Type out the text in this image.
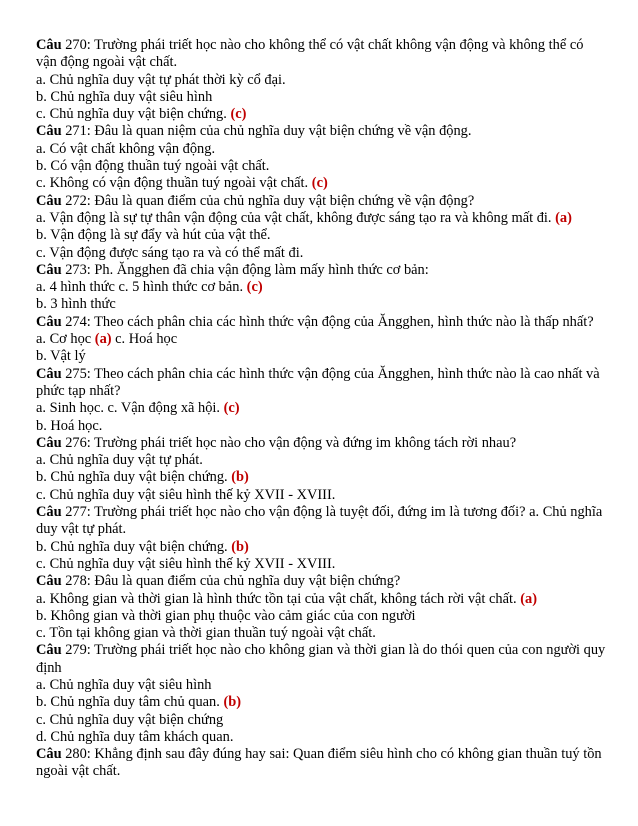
Câu 270: Trường phái triết học nào cho không thể có vật chất không vận động và không thể có vận động ngoài vật chất.

a. Chủ nghĩa duy vật tự phát thời kỳ cổ đại.

b. Chủ nghĩa duy vật siêu hình

c. Chủ nghĩa duy vật biện chứng. (c)

Câu 271: Đâu là quan niệm của chủ nghĩa duy vật biện chứng về vận động.

a. Có vật chất không vận động.

b. Có vận động thuần tuý ngoài vật chất.

c. Không có vận động thuần tuý ngoài vật chất. (c)

Câu 272: Đâu là quan điểm của chủ nghĩa duy vật biện chứng về vận động?

a. Vận động là sự tự thân vận động của vật chất, không được sáng tạo ra và không mất đi. (a)

b. Vận động là sự đẩy và hút của vật thể.

c. Vận động được sáng tạo ra và có thể mất đi.

Câu 273: Ph. Ăngghen đã chia vận động làm mấy hình thức cơ bản:

a. 4 hình thức c. 5 hình thức cơ bản. (c)

b. 3 hình thức

Câu 274: Theo cách phân chia các hình thức vận động của Ăngghen, hình thức nào là thấp nhất?

a. Cơ học (a) c. Hoá học

b. Vật lý

Câu 275: Theo cách phân chia các hình thức vận động của Ăngghen, hình thức nào là cao nhất và phức tạp nhất?

a. Sinh học. c. Vận động xã hội. (c)

b. Hoá học.

Câu 276: Trường phái triết học nào cho vận động và đứng im không tách rời nhau?

a. Chủ nghĩa duy vật tự phát.

b. Chủ nghĩa duy vật biện chứng. (b)

c. Chủ nghĩa duy vật siêu hình thế kỷ XVII - XVIII.

Câu 277: Trường phái triết học nào cho vận động là tuyệt đối, đứng im là tương đối? a. Chủ nghĩa duy vật tự phát.

b. Chủ nghĩa duy vật biện chứng. (b)

c. Chủ nghĩa duy vật siêu hình thế kỷ XVII - XVIII.

Câu 278: Đâu là quan điểm của chủ nghĩa duy vật biện chứng?

a. Không gian và thời gian là hình thức tồn tại của vật chất, không tách rời vật chất. (a)

b. Không gian và thời gian phụ thuộc vào cảm giác của con người

c. Tồn tại không gian và thời gian thuần tuý ngoài vật chất.

Câu 279: Trường phái triết học nào cho không gian và thời gian là do thói quen của con người quy định

a. Chủ nghĩa duy vật siêu hình

b. Chủ nghĩa duy tâm chủ quan. (b)

c. Chủ nghĩa duy vật biện chứng

d. Chủ nghĩa duy tâm khách quan.

Câu 280: Khẳng định sau đây đúng hay sai: Quan điểm siêu hình cho có không gian thuần tuý tồn ngoài vật chất.
